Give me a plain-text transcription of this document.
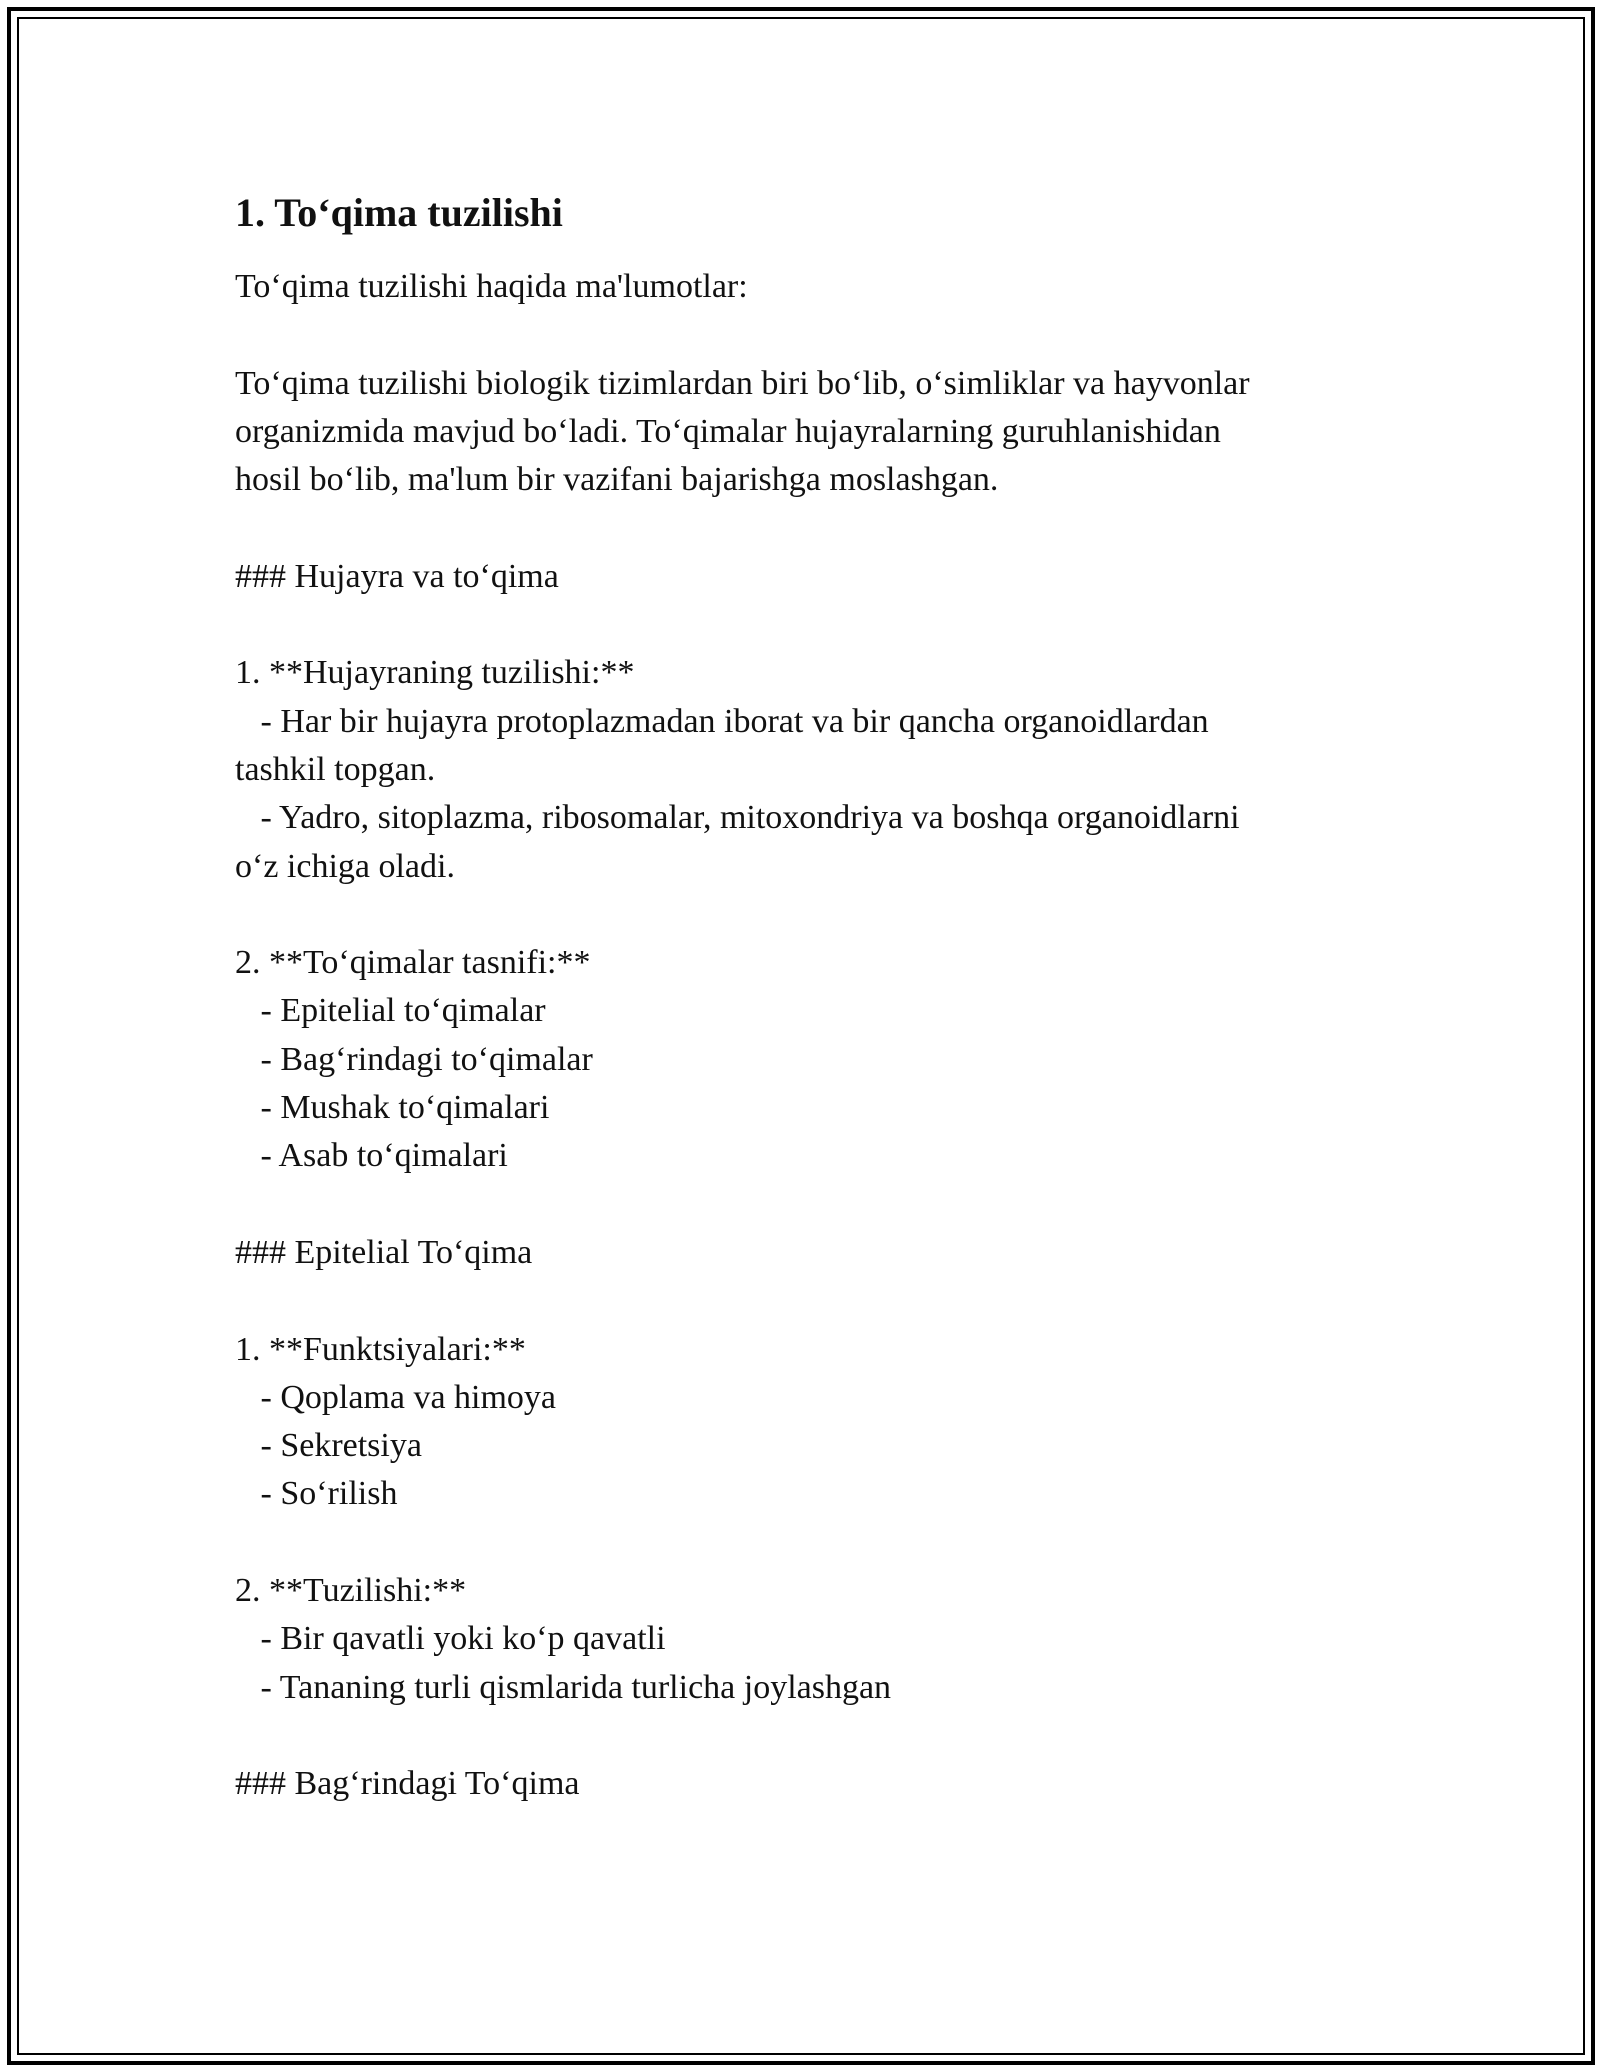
1. To‘qima tuzilishi
To‘qima tuzilishi haqida ma'lumotlar:
To‘qima tuzilishi biologik tizimlardan biri bo‘lib, o‘simliklar va hayvonlar
organizmida mavjud bo‘ladi. To‘qimalar hujayralarning guruhlanishidan
hosil bo‘lib, ma'lum bir vazifani bajarishga moslashgan.
### Hujayra va to‘qima
1. **Hujayraning tuzilishi:**
- Har bir hujayra protoplazmadan iborat va bir qancha organoidlardan
tashkil topgan.
- Yadro, sitoplazma, ribosomalar, mitoxondriya va boshqa organoidlarni
o‘z ichiga oladi.
2. **To‘qimalar tasnifi:**
- Epitelial to‘qimalar
- Bag‘rindagi to‘qimalar
- Mushak to‘qimalari
- Asab to‘qimalari
### Epitelial To‘qima
1. **Funktsiyalari:**
- Qoplama va himoya
- Sekretsiya
- So‘rilish
2. **Tuzilishi:**
- Bir qavatli yoki ko‘p qavatli
- Tananing turli qismlarida turlicha joylashgan
### Bag‘rindagi To‘qima
